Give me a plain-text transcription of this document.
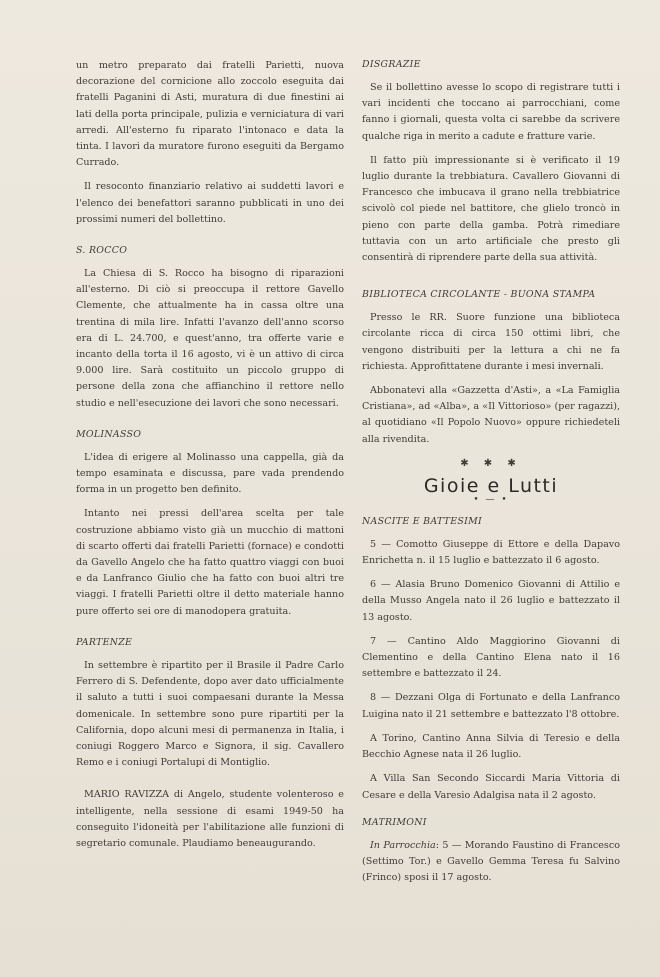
un metro preparato dai fratelli Parietti, nuova decorazione del cornicione allo zoccolo eseguita dai fratelli Paganini di Asti, muratura di due finestini ai lati della porta principale, pulizia e verniciatura di vari arredi. All'esterno fu riparato l'intonaco e data la tinta. I lavori da muratore furono eseguiti da Bergamo Currado.

Il resoconto finanziario relativo ai suddetti lavori e l'elenco dei benefattori saranno pubblicati in uno dei prossimi numeri del bollettino.

S. ROCCO

La Chiesa di S. Rocco ha bisogno di riparazioni all'esterno. Di ciò si preoccupa il rettore Gavello Clemente, che attualmente ha in cassa oltre una trentina di mila lire. Infatti l'avanzo dell'anno scorso era di L. 24.700, e quest'anno, tra offerte varie e incanto della torta il 16 agosto, vi è un attivo di circa 9.000 lire. Sarà costituito un piccolo gruppo di persone della zona che affianchino il rettore nello studio e nell'esecuzione dei lavori che sono necessari.

MOLINASSO

L'idea di erigere al Molinasso una cappella, già da tempo esaminata e discussa, pare vada prendendo forma in un progetto ben definito.

Intanto nei pressi dell'area scelta per tale costruzione abbiamo visto già un mucchio di mattoni di scarto offerti dai fratelli Parietti (fornace) e condotti da Gavello Angelo che ha fatto quattro viaggi con buoi e da Lanfranco Giulio che ha fatto con buoi altri tre viaggi. I fratelli Parietti oltre il detto materiale hanno pure offerto sei ore di manodopera gratuita.

PARTENZE

In settembre è ripartito per il Brasile il Padre Carlo Ferrero di S. Defendente, dopo aver dato ufficialmente il saluto a tutti i suoi compaesani durante la Messa domenicale. In settembre sono pure ripartiti per la California, dopo alcuni mesi di permanenza in Italia, i coniugi Roggero Marco e Signora, il sig. Cavallero Remo e i coniugi Portalupi di Montiglio.

MARIO RAVIZZA di Angelo, studente volenteroso e intelligente, nella sessione di esami 1949-50 ha conseguito l'idoneità per l'abilitazione alle funzioni di segretario comunale. Plaudiamo beneaugurando.

DISGRAZIE

Se il bollettino avesse lo scopo di registrare tutti i vari incidenti che toccano ai parrocchiani, come fanno i giornali, questa volta ci sarebbe da scrivere qualche riga in merito a cadute e fratture varie.

Il fatto più impressionante si è verificato il 19 luglio durante la trebbiatura. Cavallero Giovanni di Francesco che imbucava il grano nella trebbiatrice scivolò col piede nel battitore, che glielo troncò in pieno con parte della gamba. Potrà rimediare tuttavia con un arto artificiale che presto gli consentirà di riprendere parte della sua attività.

BIBLIOTECA CIRCOLANTE - BUONA STAMPA

Presso le RR. Suore funzione una biblioteca circolante ricca di circa 150 ottimi libri, che vengono distribuiti per la lettura a chi ne fa richiesta. Approfittatene durante i mesi invernali.

Abbonatevi alla «Gazzetta d'Asti», a «La Famiglia Cristiana», ad «Alba», a «Il Vittorioso» (per ragazzi), al quotidiano «Il Popolo Nuovo» oppure richiedeteli alla rivendita.

✱ ✱ ✱
Gioie e Lutti
• — •
NASCITE E BATTESIMI

5 — Comotto Giuseppe di Ettore e della Dapavo Enrichetta n. il 15 luglio e battezzato il 6 agosto.

6 — Alasia Bruno Domenico Giovanni di Attilio e della Musso Angela nato il 26 luglio e battezzato il 13 agosto.

7 — Cantino Aldo Maggiorino Giovanni di Clementino e della Cantino Elena nato il 16 settembre e battezzato il 24.

8 — Dezzani Olga di Fortunato e della Lanfranco Luigina nato il 21 settembre e battezzato l'8 ottobre.

A Torino, Cantino Anna Silvia di Teresio e della Becchio Agnese nata il 26 luglio.

A Villa San Secondo Siccardi Maria Vittoria di Cesare e della Varesio Adalgisa nata il 2 agosto.

MATRIMONI

In Parrocchia: 5 — Morando Faustino di Francesco (Settimo Tor.) e Gavello Gemma Teresa fu Salvino (Frinco) sposi il 17 agosto.
